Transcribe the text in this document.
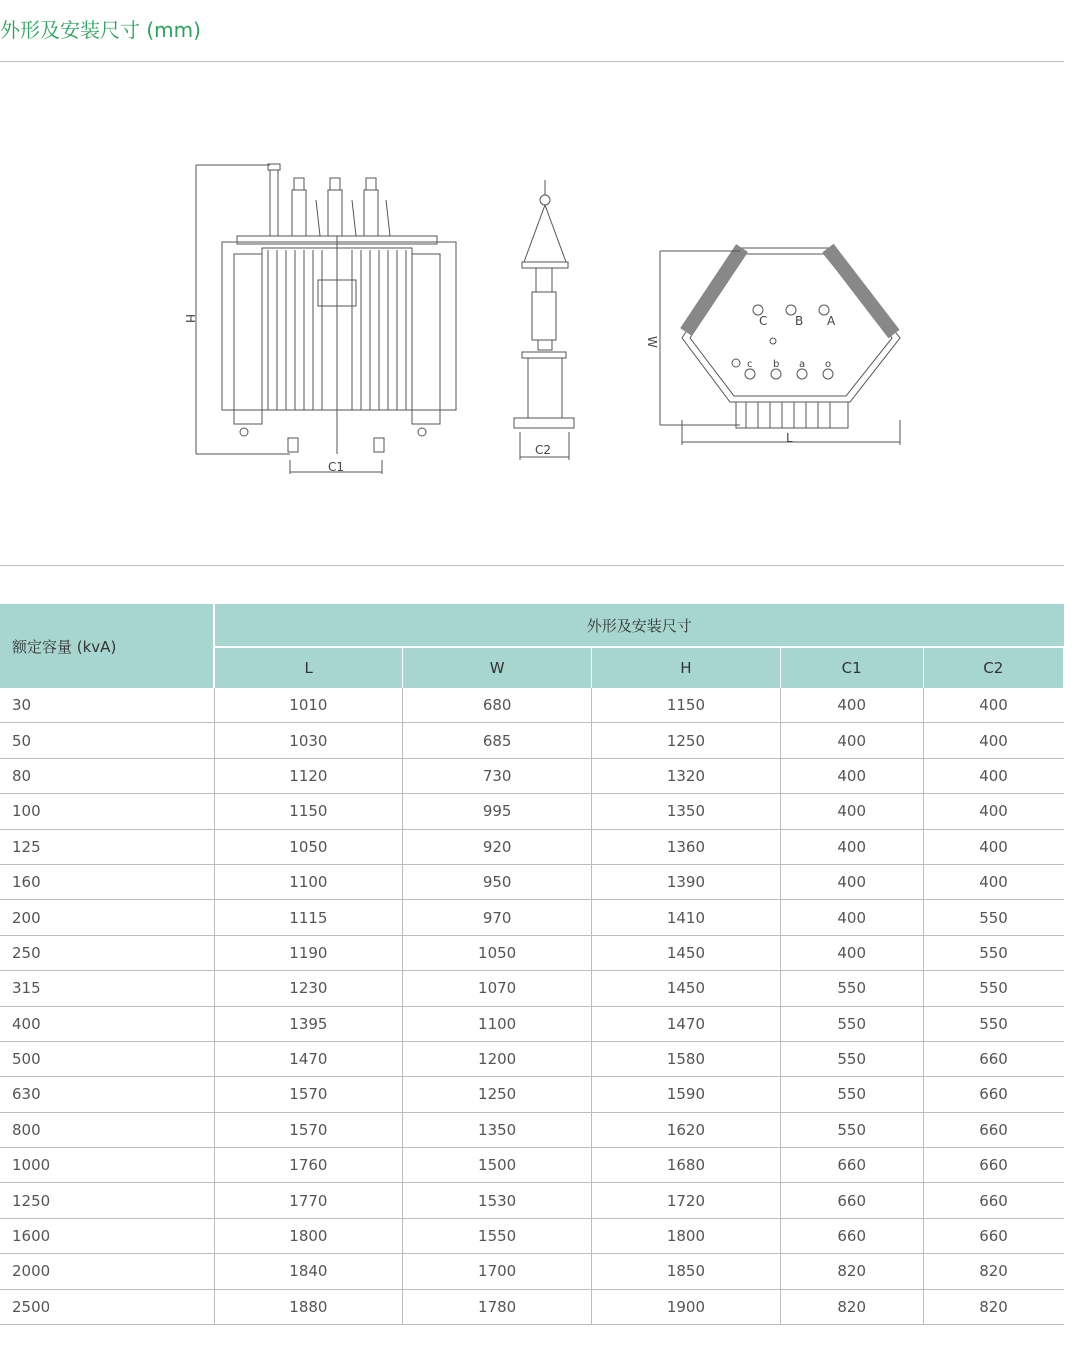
外形及安装尺寸 (mm)
H
C1
C2
W
L
C B A
c b a o
额定容量 (kvA)	外形及安装尺寸				
	L	W	H	C1	C2
30	1010	680	1150	400	400
50	1030	685	1250	400	400
80	1120	730	1320	400	400
100	1150	995	1350	400	400
125	1050	920	1360	400	400
160	1100	950	1390	400	400
200	1115	970	1410	400	550
250	1190	1050	1450	400	550
315	1230	1070	1450	550	550
400	1395	1100	1470	550	550
500	1470	1200	1580	550	660
630	1570	1250	1590	550	660
800	1570	1350	1620	550	660
1000	1760	1500	1680	660	660
1250	1770	1530	1720	660	660
1600	1800	1550	1800	660	660
2000	1840	1700	1850	820	820
2500	1880	1780	1900	820	820
